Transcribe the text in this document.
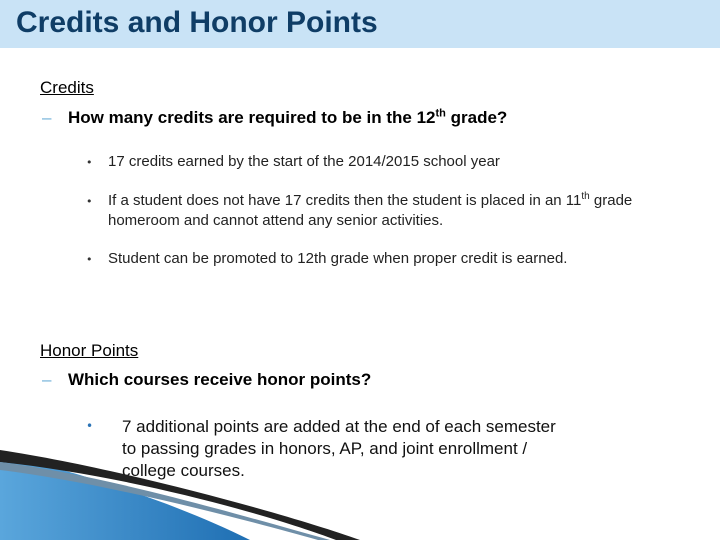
Credits and Honor Points
Credits
– How many credits are required to be in the 12th grade?
• 17 credits earned by the start of the 2014/2015 school year
• If a student does not have 17 credits then the student is placed in an 11th grade homeroom and cannot attend any senior activities.
• Student can be promoted to 12th grade when proper credit is earned.
Honor Points
– Which courses receive honor points?
• 7 additional points are added at the end of each semester to passing grades in honors, AP, and joint enrollment / college courses.
